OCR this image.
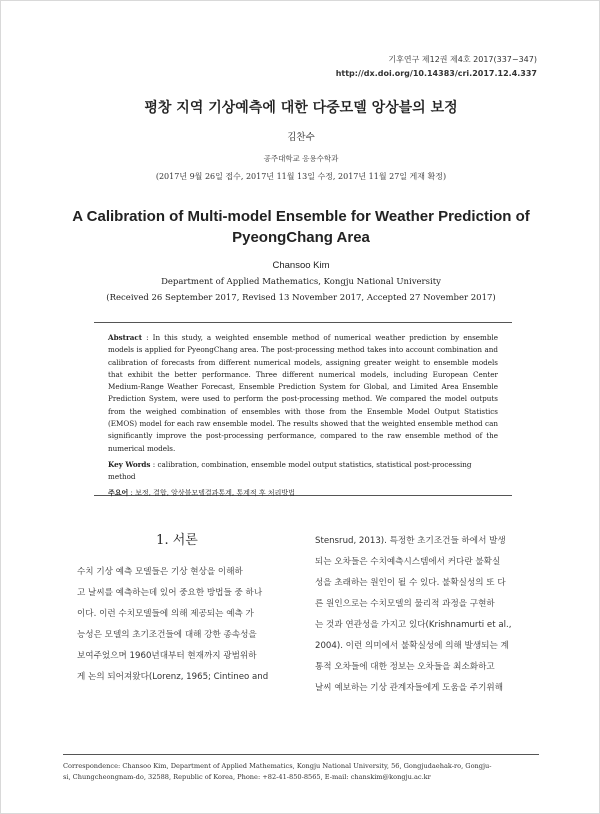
기후연구 제12권 제4호 2017(337−347)
http://dx.doi.org/10.14383/cri.2017.12.4.337
평창 지역 기상예측에 대한 다중모델 앙상블의 보정
김찬수
공주대학교 응용수학과
(2017년 9월 26일 접수, 2017년 11월 13일 수정, 2017년 11월 27일 게재 확정)
A Calibration of Multi-model Ensemble for Weather Prediction of
PyeongChang Area
Chansoo Kim
Department of Applied Mathematics, Kongju National University
(Received 26 September 2017, Revised 13 November 2017, Accepted 27 November 2017)
Abstract : In this study, a weighted ensemble method of numerical weather prediction by ensemble models is applied for PyeongChang area. The post-processing method takes into account combination and calibration of forecasts from different numerical models, assigning greater weight to ensemble models that exhibit the better performance. Three different numerical models, including European Center Medium-Range Weather Forecast, Ensemble Prediction System for Global, and Limited Area Ensemble Prediction System, were used to perform the post-processing method. We compared the model outputs from the weighed combination of ensembles with those from the Ensemble Model Output Statistics (EMOS) model for each raw ensemble model. The results showed that the weighted ensemble method can significantly improve the post-processing performance, compared to the raw ensemble method of the numerical models.
Key Words : calibration, combination, ensemble model output statistics, statistical post-processing method
주요어 : 보정, 결합, 앙상블모델결과통계, 통계적 후 처리방법
1. 서론
수치 기상 예측 모델들은 기상 현상을 이해하
고 날씨를 예측하는데 있어 중요한 방법들 중 하나
이다. 이런 수치모델들에 의해 제공되는 예측 가
능성은 모델의 초기조건들에 대해 강한 종속성을
보여주었으며 1960년대부터 현재까지 광범위하
게 논의 되어져왔다(Lorenz, 1965; Cintineo and
Stensrud, 2013). 특정한 초기조건들 하에서 발생
되는 오차들은 수치예측시스템에서 커다란 불확실
성을 초래하는 원인이 될 수 있다. 불확실성의 또 다
른 원인으로는 수치모델의 물리적 과정을 구현하
는 것과 연관성을 가지고 있다(Krishnamurti et al.,
2004). 이런 의미에서 불확실성에 의해 발생되는 계
통적 오차들에 대한 정보는 오차들을 최소화하고
날씨 예보하는 기상 관계자들에게 도움을 주기위해
Correspondence: Chansoo Kim, Department of Applied Mathematics, Kongju National University, 56, Gongjudaehak-ro, Gongju-
si, Chungcheongnam-do, 32588, Republic of Korea, Phone: +82-41-850-8565, E-mail: chanskim@kongju.ac.kr
